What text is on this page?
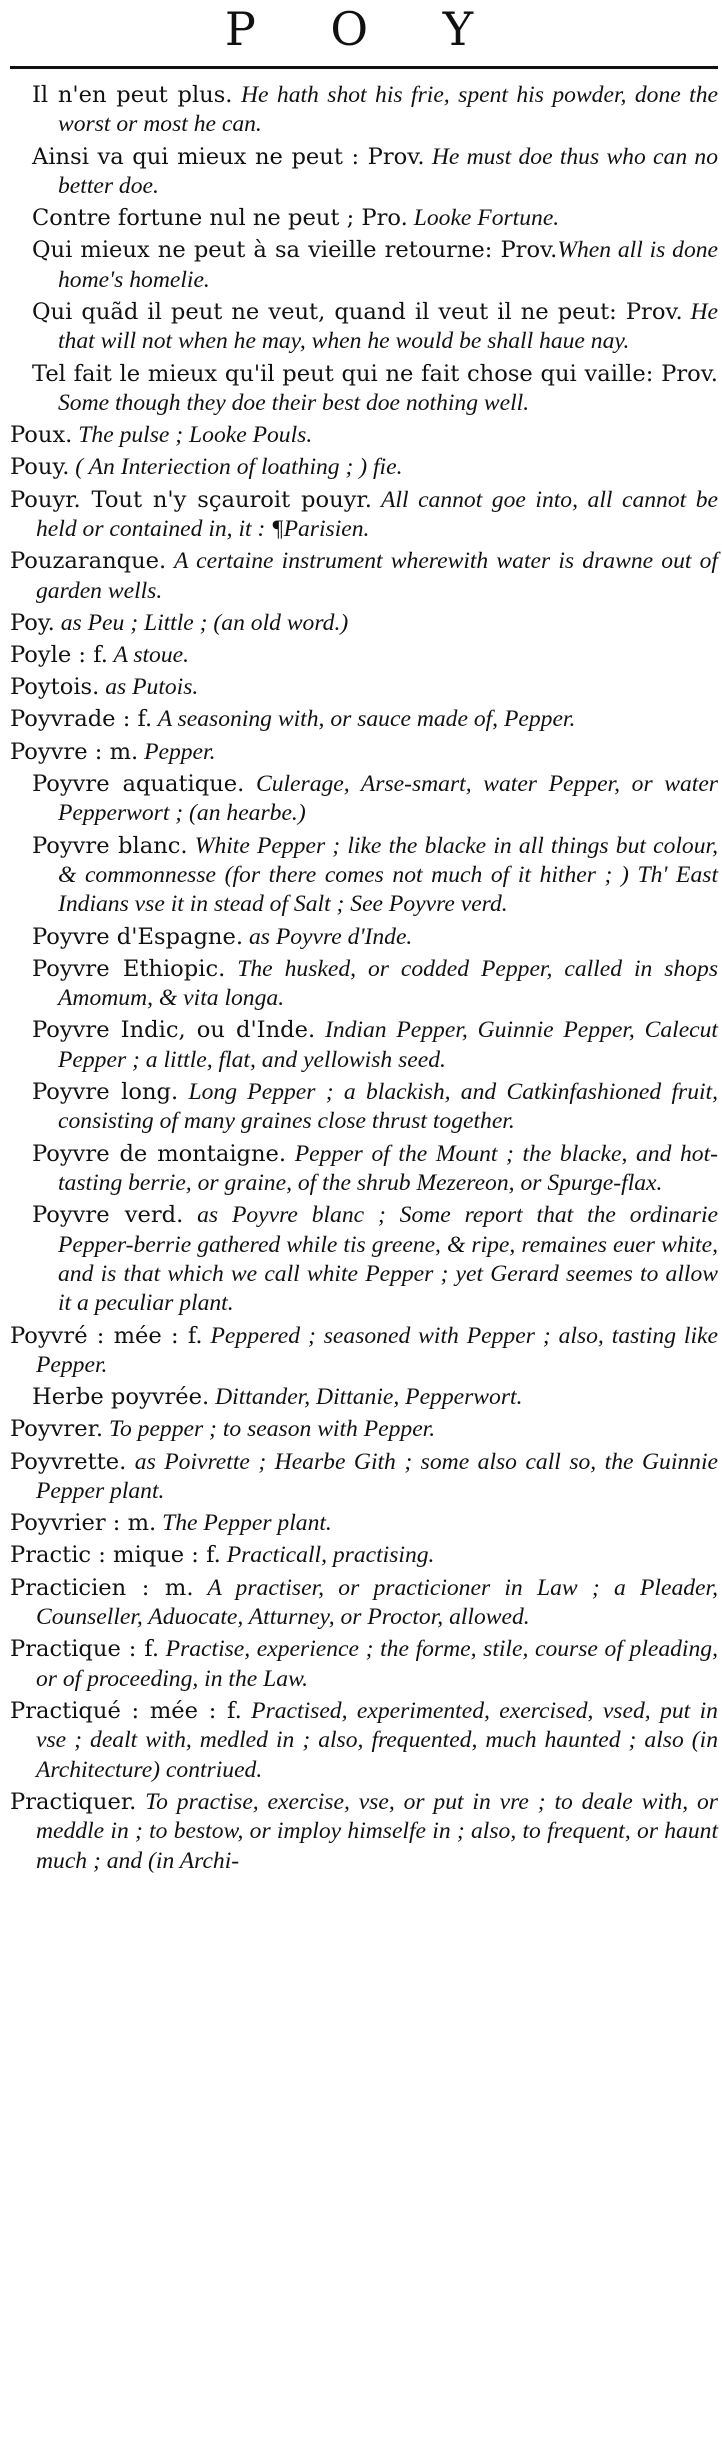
P O Y
Il n'en peut plus. He hath shot his frie, spent his powder, done the worst or most he can.
Ainsi va qui mieux ne peut : Prov. He must doe thus who can no better doe.
Contre fortune nul ne peut ; Pro. Looke Fortune.
Qui mieux ne peut à sa vieille retourne: Prov.When all is done home's homelie.
Qui quãd il peut ne veut, quand il veut il ne peut: Prov. He that will not when he may, when he would be shall haue nay.
Tel fait le mieux qu'il peut qui ne fait chose qui vaille: Prov. Some though they doe their best doe nothing well.
Poux. The pulse ; Looke Pouls.
Pouy. ( An Interiection of loathing ; ) fie.
Pouyr. Tout n'y sçauroit pouyr. All cannot goe into, all cannot be held or contained in, it : ¶Parisien.
Pouzaranque. A certaine instrument wherewith water is drawne out of garden wells.
Poy. as Peu ; Little ; (an old word.)
Poyle : f. A stoue.
Poytois. as Putois.
Poyvrade : f. A seasoning with, or sauce made of, Pepper.
Poyvre : m. Pepper.
Poyvre aquatique. Culerage, Arse-smart, water Pepper, or water Pepperwort ; (an hearbe.)
Poyvre blanc. White Pepper ; like the blacke in all things but colour, & commonnesse (for there comes not much of it hither ; ) Th' East Indians vse it in stead of Salt ; See Poyvre verd.
Poyvre d'Espagne. as Poyvre d'Inde.
Poyvre Ethiopic. The husked, or codded Pepper, called in shops Amomum, & vita longa.
Poyvre Indic, ou d'Inde. Indian Pepper, Guinnie Pepper, Calecut Pepper ; a little, flat, and yellowish seed.
Poyvre long. Long Pepper ; a blackish, and Catkinfashioned fruit, consisting of many graines close thrust together.
Poyvre de montaigne. Pepper of the Mount ; the blacke, and hot-tasting berrie, or graine, of the shrub Mezereon, or Spurge-flax.
Poyvre verd. as Poyvre blanc ; Some report that the ordinarie Pepper-berrie gathered while tis greene, & ripe, remaines euer white, and is that which we call white Pepper ; yet Gerard seemes to allow it a peculiar plant.
Poyvré : mée : f. Peppered ; seasoned with Pepper ; also, tasting like Pepper.
Herbe poyvrée. Dittander, Dittanie, Pepperwort.
Poyvrer. To pepper ; to season with Pepper.
Poyvrette. as Poivrette ; Hearbe Gith ; some also call so, the Guinnie Pepper plant.
Poyvrier : m. The Pepper plant.
Practic : mique : f. Practicall, practising.
Practicien : m. A practiser, or practicioner in Law ; a Pleader, Counseller, Aduocate, Atturney, or Proctor, allowed.
Practique : f. Practise, experience ; the forme, stile, course of pleading, or of proceeding, in the Law.
Practiqué : mée : f. Practised, experimented, exercised, vsed, put in vse ; dealt with, medled in ; also, frequented, much haunted ; also (in Architecture) contriued.
Practiquer. To practise, exercise, vse, or put in vre ; to deale with, or meddle in ; to bestow, or imploy himselfe in ; also, to frequent, or haunt much ; and (in Archi-
